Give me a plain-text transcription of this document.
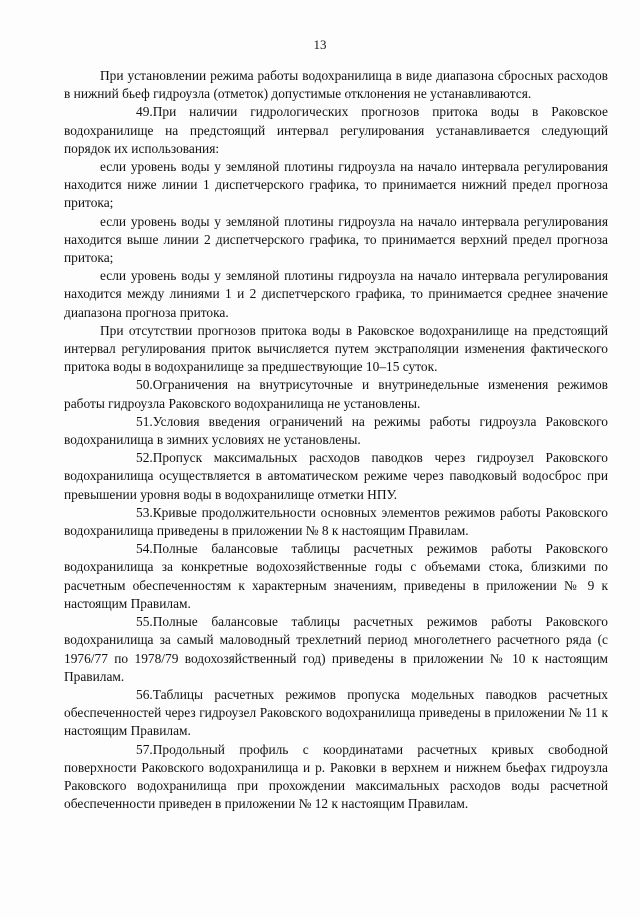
13

При установлении режима работы водохранилища в виде диапазона сбросных расходов в нижний бьеф гидроузла (отметок) допустимые отклонения не устанавливаются.

49.При наличии гидрологических прогнозов притока воды в Раковское водохранилище на предстоящий интервал регулирования устанавливается следующий порядок их использования:

если уровень воды у земляной плотины гидроузла на начало интервала регулирования находится ниже линии 1 диспетчерского графика, то принимается нижний предел прогноза притока;

если уровень воды у земляной плотины гидроузла на начало интервала регулирования находится выше линии 2 диспетчерского графика, то принимается верхний предел прогноза притока;

если уровень воды у земляной плотины гидроузла на начало интервала регулирования находится между линиями 1 и 2 диспетчерского графика, то принимается среднее значение диапазона прогноза притока.

При отсутствии прогнозов притока воды в Раковское водохранилище на предстоящий интервал регулирования приток вычисляется путем экстраполяции изменения фактического притока воды в водохранилище за предшествующие 10–15 суток.

50.Ограничения на внутрисуточные и внутринедельные изменения режимов работы гидроузла Раковского водохранилища не установлены.

51.Условия введения ограничений на режимы работы гидроузла Раковского водохранилища в зимних условиях не установлены.

52.Пропуск максимальных расходов паводков через гидроузел Раковского водохранилища осуществляется в автоматическом режиме через паводковый водосброс при превышении уровня воды в водохранилище отметки НПУ.

53.Кривые продолжительности основных элементов режимов работы Раковского водохранилища приведены в приложении № 8 к настоящим Правилам.

54.Полные балансовые таблицы расчетных режимов работы Раковского водохранилища за конкретные водохозяйственные годы с объемами стока, близкими по расчетным обеспеченностям к характерным значениям, приведены в приложении № 9 к настоящим Правилам.

55.Полные балансовые таблицы расчетных режимов работы Раковского водохранилища за самый маловодный трехлетний период многолетнего расчетного ряда (с 1976/77 по 1978/79 водохозяйственный год) приведены в приложении № 10 к настоящим Правилам.

56.Таблицы расчетных режимов пропуска модельных паводков расчетных обеспеченностей через гидроузел Раковского водохранилища приведены в приложении № 11 к настоящим Правилам.

57.Продольный профиль с координатами расчетных кривых свободной поверхности Раковского водохранилища и р. Раковки в верхнем и нижнем бьефах гидроузла Раковского водохранилища при прохождении максимальных расходов воды расчетной обеспеченности приведен в приложении № 12 к настоящим Правилам.
